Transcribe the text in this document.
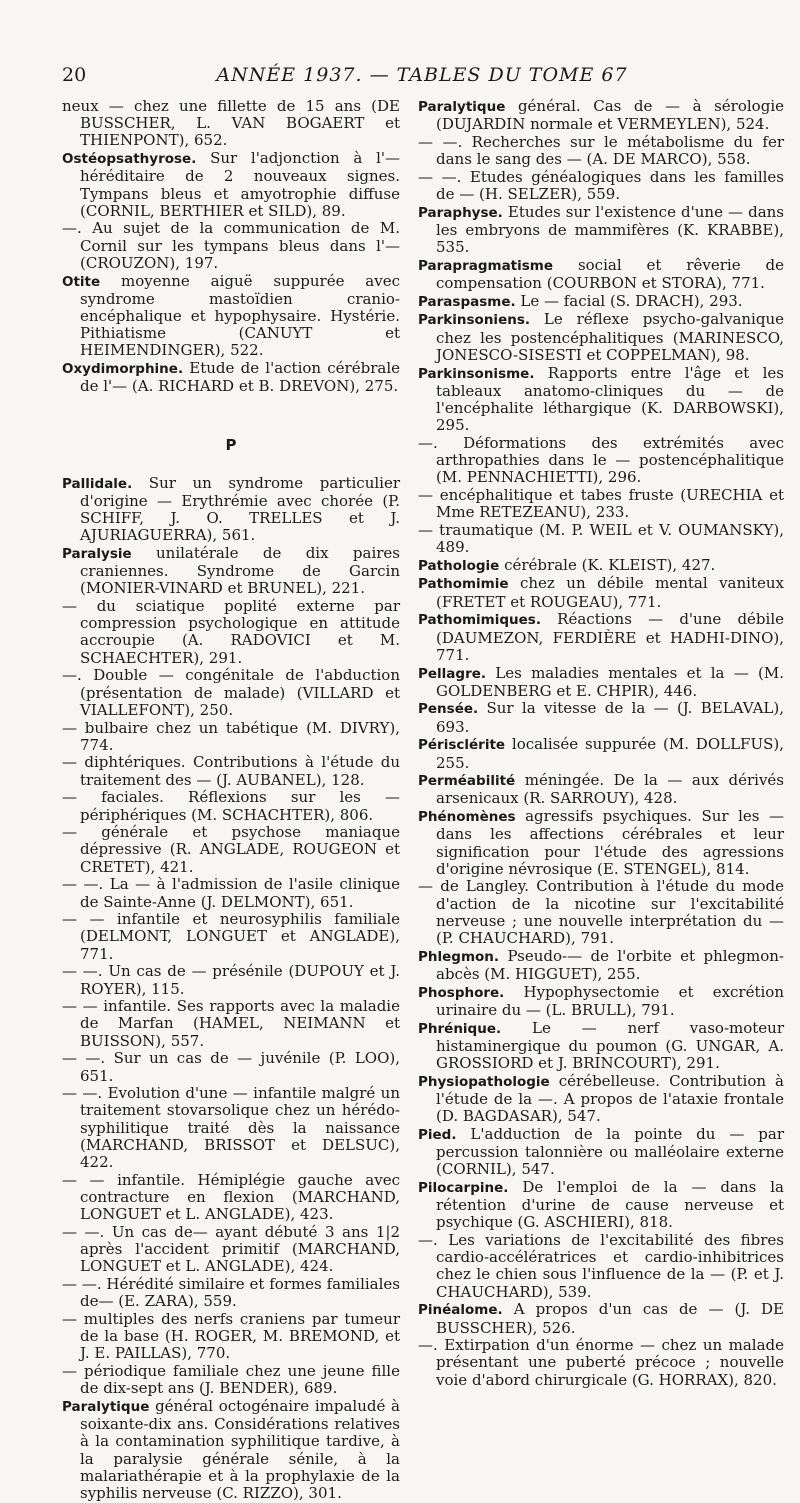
20	ANNÉE 1937. — TABLES DU TOME 67

neux — chez une fillette de 15 ans (DE BUSSCHER, L. VAN BOGAERT et THIENPONT), 652.

Ostéopsathyrose. Sur l'adjonction à l'— héréditaire de 2 nouveaux signes. Tympans bleus et amyotrophie diffuse (CORNIL, BERTHIER et SILD), 89.

—. Au sujet de la communication de M. Cornil sur les tympans bleus dans l'— (CROUZON), 197.

Otite moyenne aiguë suppurée avec syndrome mastoïdien cranio-encéphalique et hypophysaire. Hystérie. Pithiatisme (CANUYT et HEIMENDINGER), 522.

Oxydimorphine. Etude de l'action cérébrale de l'— (A. RICHARD et B. DREVON), 275.

P

Pallidale. Sur un syndrome particulier d'origine — Erythrémie avec chorée (P. SCHIFF, J. O. TRELLES et J. AJURIAGUERRA), 561.

Paralysie unilatérale de dix paires craniennes. Syndrome de Garcin (MONIER-VINARD et BRUNEL), 221.

— du sciatique poplité externe par compression psychologique en attitude accroupie (A. RADOVICI et M. SCHAECHTER), 291.

—. Double — congénitale de l'abduction (présentation de malade) (VILLARD et VIALLEFONT), 250.

— bulbaire chez un tabétique (M. DIVRY), 774.

— diphtériques. Contributions à l'étude du traitement des — (J. AUBANEL), 128.

— faciales. Réflexions sur les — périphériques (M. SCHACHTER), 806.

— générale et psychose maniaque dépressive (R. ANGLADE, ROUGEON et CRETET), 421.

— —. La — à l'admission de l'asile clinique de Sainte-Anne (J. DELMONT), 651.

— — infantile et neurosyphilis familiale (DELMONT, LONGUET et ANGLADE), 771.

— —. Un cas de — présénile (DUPOUY et J. ROYER), 115.

— — infantile. Ses rapports avec la maladie de Marfan (HAMEL, NEIMANN et BUISSON), 557.

— —. Sur un cas de — juvénile (P. LOO), 651.

— —. Evolution d'une — infantile malgré un traitement stovarsolique chez un hérédo-syphilitique traité dès la naissance (MARCHAND, BRISSOT et DELSUC), 422.

— — infantile. Hémiplégie gauche avec contracture en flexion (MARCHAND, LONGUET et L. ANGLADE), 423.

— —. Un cas de— ayant débuté 3 ans 1|2 après l'accident primitif (MARCHAND, LONGUET et L. ANGLADE), 424.

— —. Hérédité similaire et formes familiales de— (E. ZARA), 559.

— multiples des nerfs craniens par tumeur de la base (H. ROGER, M. BREMOND, et J. E. PAILLAS), 770.

— périodique familiale chez une jeune fille de dix-sept ans (J. BENDER), 689.

Paralytique général octogénaire impaludé à soixante-dix ans. Considérations relatives à la contamination syphilitique tardive, à la paralysie générale sénile, à la malariathérapie et à la prophylaxie de la syphilis nerveuse (C. RIZZO), 301.

Paralytique général. Cas de — à sérologie (DUJARDIN normale et VERMEYLEN), 524.

— —. Recherches sur le métabolisme du fer dans le sang des — (A. DE MARCO), 558.

— —. Etudes généalogiques dans les familles de — (H. SELZER), 559.

Paraphyse. Etudes sur l'existence d'une — dans les embryons de mammifères (K. KRABBE), 535.

Parapragmatisme social et rêverie de compensation (COURBON et STORA), 771.

Paraspasme. Le — facial (S. DRACH), 293.

Parkinsoniens. Le réflexe psycho-galvanique chez les postencéphalitiques (MARINESCO, JONESCO-SISESTI et COPPELMAN), 98.

Parkinsonisme. Rapports entre l'âge et les tableaux anatomo-cliniques du — de l'encéphalite léthargique (K. DARBOWSKI), 295.

—. Déformations des extrémités avec arthropathies dans le — postencéphalitique (M. PENNACHIETTI), 296.

— encéphalitique et tabes fruste (URECHIA et Mme RETEZEANU), 233.

— traumatique (M. P. WEIL et V. OUMANSKY), 489.

Pathologie cérébrale (K. KLEIST), 427.

Pathomimie chez un débile mental vaniteux (FRETET et ROUGEAU), 771.

Pathomimiques. Réactions — d'une débile (DAUMEZON, FERDIÈRE et HADHI-DINO), 771.

Pellagre. Les maladies mentales et la — (M. GOLDENBERG et E. CHPIR), 446.

Pensée. Sur la vitesse de la — (J. BELAVAL), 693.

Périsclérite localisée suppurée (M. DOLLFUS), 255.

Perméabilité méningée. De la — aux dérivés arsenicaux (R. SARROUY), 428.

Phénomènes agressifs psychiques. Sur les — dans les affections cérébrales et leur signification pour l'étude des agressions d'origine névrosique (E. STENGEL), 814.

— de Langley. Contribution à l'étude du mode d'action de la nicotine sur l'excitabilité nerveuse ; une nouvelle interprétation du — (P. CHAUCHARD), 791.

Phlegmon. Pseudo-— de l'orbite et phlegmon-abcès (M. HIGGUET), 255.

Phosphore. Hypophysectomie et excrétion urinaire du — (L. BRULL), 791.

Phrénique. Le — nerf vaso-moteur histaminergique du poumon (G. UNGAR, A. GROSSIORD et J. BRINCOURT), 291.

Physiopathologie cérébelleuse. Contribution à l'étude de la —. A propos de l'ataxie frontale (D. BAGDASAR), 547.

Pied. L'adduction de la pointe du — par percussion talonnière ou malléolaire externe (CORNIL), 547.

Pilocarpine. De l'emploi de la — dans la rétention d'urine de cause nerveuse et psychique (G. ASCHIERI), 818.

—. Les variations de l'excitabilité des fibres cardio-accélératrices et cardio-inhibitrices chez le chien sous l'influence de la — (P. et J. CHAUCHARD), 539.

Pinéalome. A propos d'un cas de — (J. DE BUSSCHER), 526.

—. Extirpation d'un énorme — chez un malade présentant une puberté précoce ; nouvelle voie d'abord chirurgicale (G. HORRAX), 820.
